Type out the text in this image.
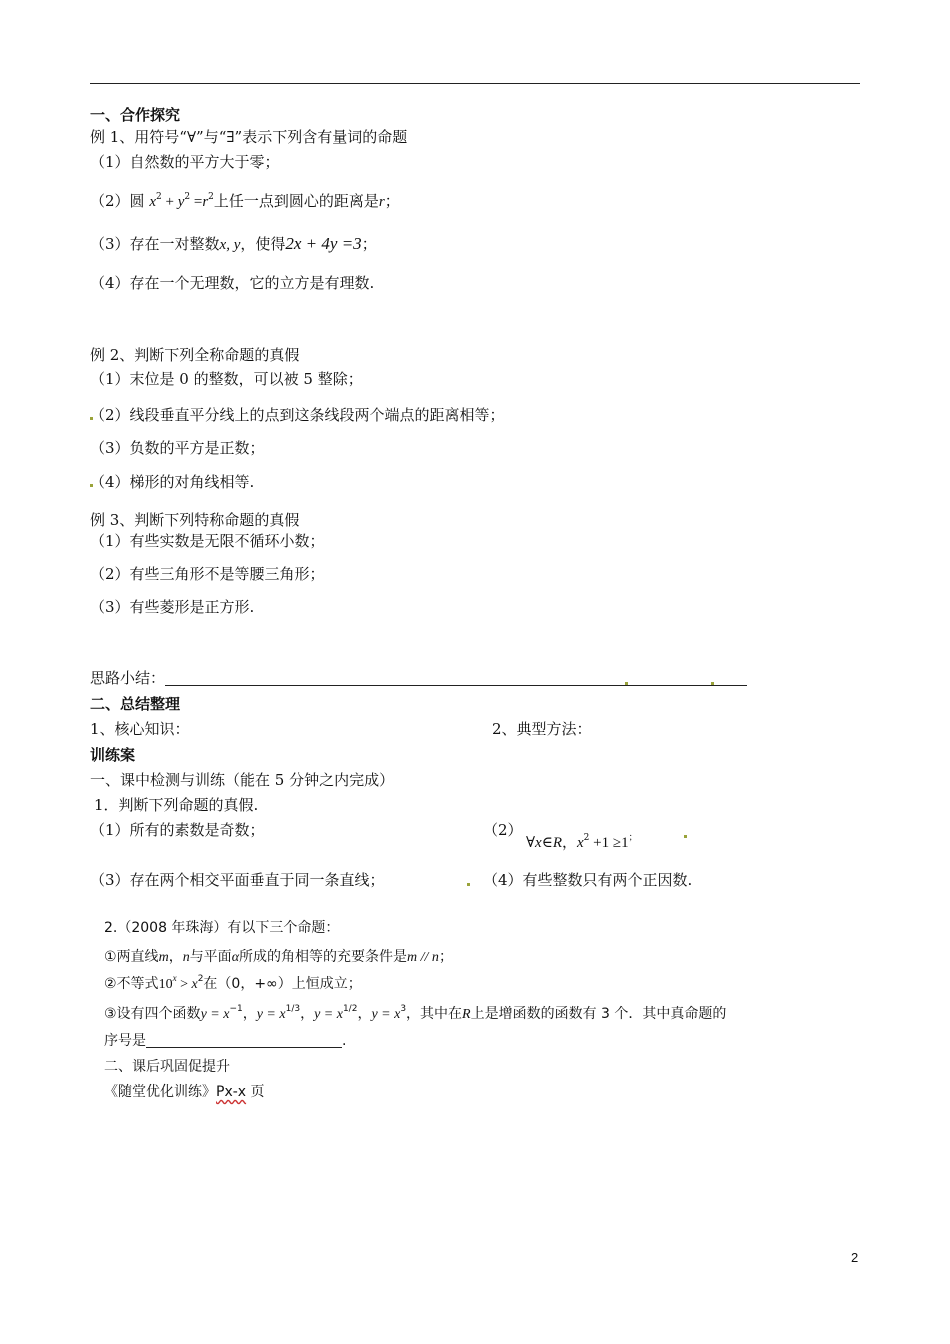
一、合作探究
例 1、用符号“∀”与“∃”表示下列含有量词的命题
（1）自然数的平方大于零；
（2）圆 $x^2 + y^2 =r^2$上任一点到圆心的距离是r；
（3）存在一对整数x, y，使得2x + 4y =3；
（4）存在一个无理数，它的立方是有理数.
例 2、判断下列全称命题的真假
（1）末位是 0 的整数，可以被 5 整除；
（2）线段垂直平分线上的点到这条线段两个端点的距离相等；
（3）负数的平方是正数；
（4）梯形的对角线相等.
例 3、判断下列特称命题的真假
（1）有些实数是无限不循环小数；
（2）有些三角形不是等腰三角形；
（3）有些菱形是正方形.
思路小结：
二、总结整理
1、核心知识：	2、典型方法：
训练案
一、课中检测与训练（能在 5 分钟之内完成）
1．判断下列命题的真假.
（1）所有的素数是奇数；	（2）
∀x∈R，$x^2 +1 \ge 1^;$
（3）存在两个相交平面垂直于同一条直线；	（4）有些整数只有两个正因数.
2.（2008 年珠海）有以下三个命题：
①两直线m，n与平面α所成的角相等的充要条件是m // n；
②不等式$10^x > x^2$在（0，+∞）上恒成立；
③设有四个函数$y = x^{-1}$，$y = x^{1/3}$，$y = x^{1/2}$，$y = x^3$，其中在R上是增函数的函数有 3 个．其中真命题的
序号是	.
二、课后巩固促提升
《随堂优化训练》Px-x 页
2
